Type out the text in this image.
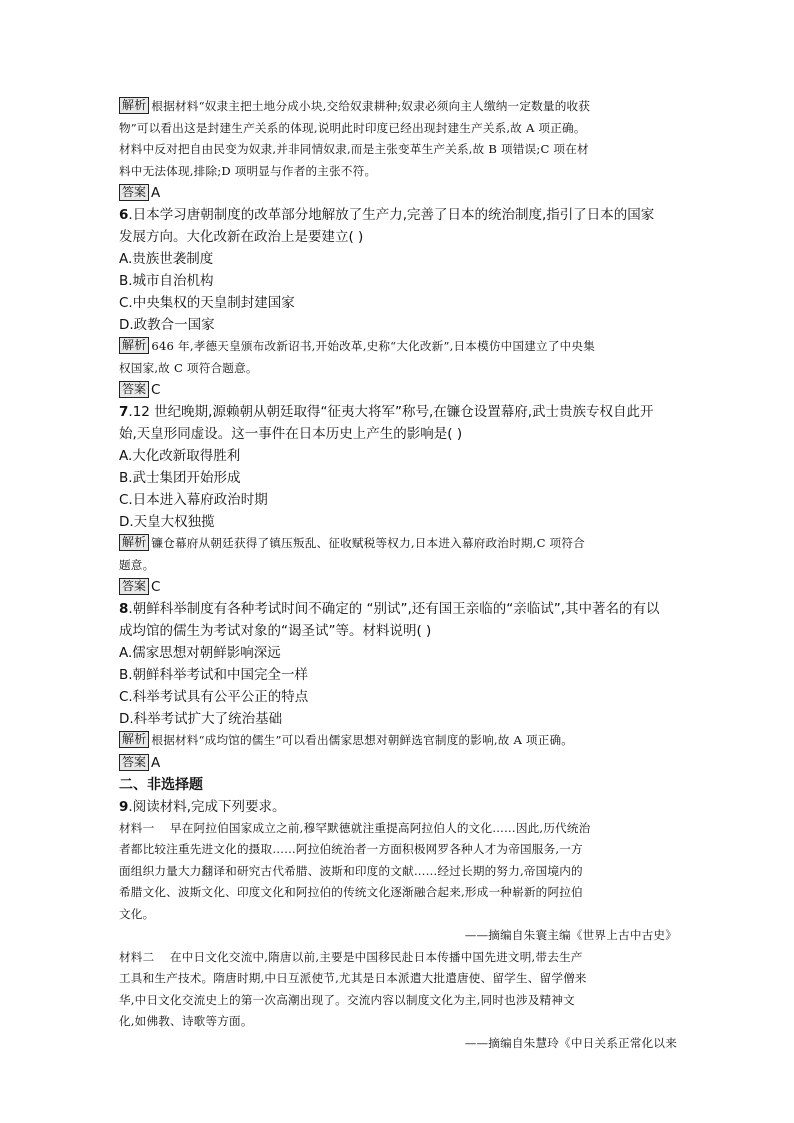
解析 根据材料“奴隶主把土地分成小块,交给奴隶耕种;奴隶必须向主人缴纳一定数量的收获
物”可以看出这是封建生产关系的体现,说明此时印度已经出现封建生产关系,故 A 项正确。
材料中反对把自由民变为奴隶,并非同情奴隶,而是主张变革生产关系,故 B 项错误;C 项在材
料中无法体现,排除;D 项明显与作者的主张不符。
答案 A
6.日本学习唐朝制度的改革部分地解放了生产力,完善了日本的统治制度,指引了日本的国家
发展方向。大化改新在政治上是要建立( )
A.贵族世袭制度
B.城市自治机构
C.中央集权的天皇制封建国家
D.政教合一国家
解析 646 年,孝德天皇颁布改新诏书,开始改革,史称“大化改新”,日本模仿中国建立了中央集
权国家,故 C 项符合题意。
答案 C
7.12 世纪晚期,源赖朝从朝廷取得“征夷大将军”称号,在镰仓设置幕府,武士贵族专权自此开
始,天皇形同虚设。这一事件在日本历史上产生的影响是( )
A.大化改新取得胜利
B.武士集团开始形成
C.日本进入幕府政治时期
D.天皇大权独揽
解析 镰仓幕府从朝廷获得了镇压叛乱、征收赋税等权力,日本进入幕府政治时期,C 项符合
题意。
答案 C
8.朝鲜科举制度有各种考试时间不确定的 “别试”,还有国王亲临的“亲临试”,其中著名的有以
成均馆的儒生为考试对象的“谒圣试”等。材料说明( )
A.儒家思想对朝鲜影响深远
B.朝鲜科举考试和中国完全一样
C.科举考试具有公平公正的特点
D.科举考试扩大了统治基础
解析 根据材料“成均馆的儒生”可以看出儒家思想对朝鲜选官制度的影响,故 A 项正确。
答案 A
二、非选择题
9.阅读材料,完成下列要求。
材料一 早在阿拉伯国家成立之前,穆罕默德就注重提高阿拉伯人的文化……因此,历代统治
者都比较注重先进文化的摄取……阿拉伯统治者一方面积极网罗各种人才为帝国服务,一方
面组织力量大力翻译和研究古代希腊、波斯和印度的文献……经过长期的努力,帝国境内的
希腊文化、波斯文化、印度文化和阿拉伯的传统文化逐渐融合起来,形成一种崭新的阿拉伯
文化。
——摘编自朱寰主编《世界上古中古史》
材料二 在中日文化交流中,隋唐以前,主要是中国移民赴日本传播中国先进文明,带去生产
工具和生产技术。隋唐时期,中日互派使节,尤其是日本派遣大批遣唐使、留学生、留学僧来
华,中日文化交流史上的第一次高潮出现了。交流内容以制度文化为主,同时也涉及精神文
化,如佛教、诗歌等方面。
——摘编自朱慧玲《中日关系正常化以来
